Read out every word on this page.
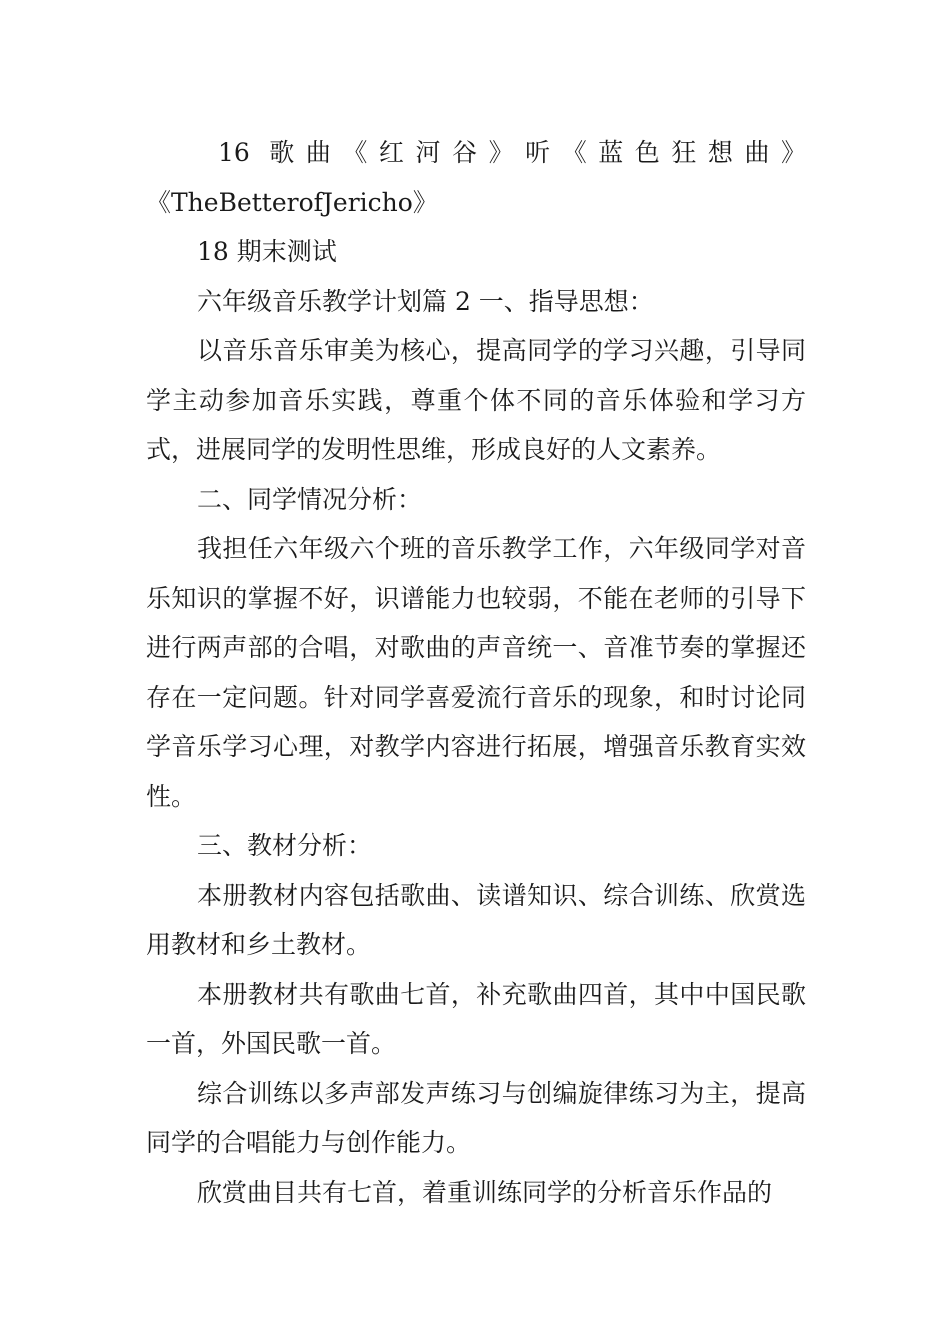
16 歌曲《红河谷》听《蓝色狂想曲》

《TheBetterofJericho》

18 期末测试

六年级音乐教学计划篇 2 一、指导思想：

以音乐音乐审美为核心，提高同学的学习兴趣，引导同学主动参加音乐实践，尊重个体不同的音乐体验和学习方式，进展同学的发明性思维，形成良好的人文素养。

二、同学情况分析：

我担任六年级六个班的音乐教学工作，六年级同学对音乐知识的掌握不好，识谱能力也较弱，不能在老师的引导下进行两声部的合唱，对歌曲的声音统一、音准节奏的掌握还存在一定问题。针对同学喜爱流行音乐的现象，和时讨论同学音乐学习心理，对教学内容进行拓展，增强音乐教育实效性。

三、教材分析：

本册教材内容包括歌曲、读谱知识、综合训练、欣赏选用教材和乡土教材。

本册教材共有歌曲七首，补充歌曲四首，其中中国民歌一首，外国民歌一首。

综合训练以多声部发声练习与创编旋律练习为主，提高同学的合唱能力与创作能力。

欣赏曲目共有七首，着重训练同学的分析音乐作品的
